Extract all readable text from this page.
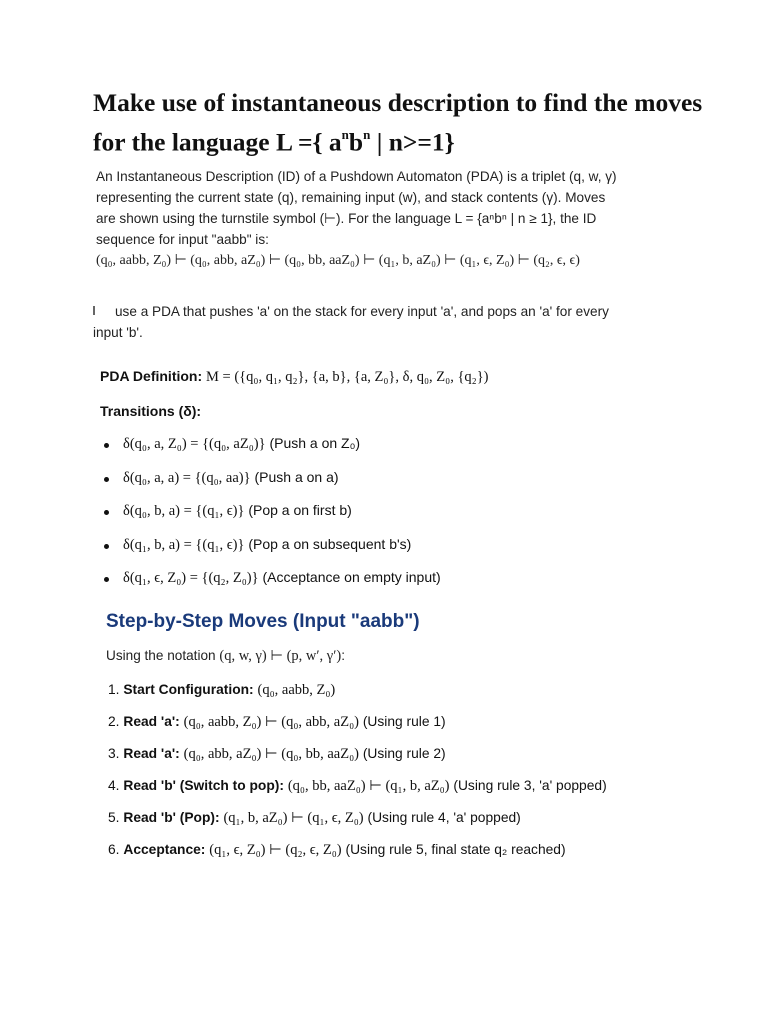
Make use of instantaneous description to find the moves for the language L ={ $a^nb^n$ | n>=1}
An Instantaneous Description (ID) of a Pushdown Automaton (PDA) is a triplet (q, w, γ)
representing the current state (q), remaining input (w), and stack contents (γ). Moves
are shown using the turnstile symbol (⊢). For the language L = {aⁿbⁿ | n ≥ 1}, the ID
sequence for input "aabb" is:
(q₀, aabb, Z₀) ⊢ (q₀, abb, aZ₀) ⊢ (q₀, bb, aaZ₀) ⊢ (q₁, b, aZ₀) ⊢ (q₁, ϵ, Z₀) ⊢ (q₂, ϵ, ϵ)
use a PDA that pushes 'a' on the stack for every input 'a', and pops an 'a' for every
input 'b'.
PDA Definition: M = ({q₀, q₁, q₂}, {a, b}, {a, Z₀}, δ, q₀, Z₀, {q₂})
Transitions (δ):
δ(q₀, a, Z₀) = {(q₀, aZ₀)} (Push a on Z₀)
δ(q₀, a, a) = {(q₀, aa)} (Push a on a)
δ(q₀, b, a) = {(q₁, ϵ)} (Pop a on first b)
δ(q₁, b, a) = {(q₁, ϵ)} (Pop a on subsequent b's)
δ(q₁, ϵ, Z₀) = {(q₂, Z₀)} (Acceptance on empty input)
Step-by-Step Moves (Input "aabb")
Using the notation (q, w, γ) ⊢ (p, w′, γ′):
1. Start Configuration: (q₀, aabb, Z₀)
2. Read 'a': (q₀, aabb, Z₀) ⊢ (q₀, abb, aZ₀) (Using rule 1)
3. Read 'a': (q₀, abb, aZ₀) ⊢ (q₀, bb, aaZ₀) (Using rule 2)
4. Read 'b' (Switch to pop): (q₀, bb, aaZ₀) ⊢ (q₁, b, aZ₀) (Using rule 3, 'a' popped)
5. Read 'b' (Pop): (q₁, b, aZ₀) ⊢ (q₁, ϵ, Z₀) (Using rule 4, 'a' popped)
6. Acceptance: (q₁, ϵ, Z₀) ⊢ (q₂, ϵ, Z₀) (Using rule 5, final state q₂ reached)
